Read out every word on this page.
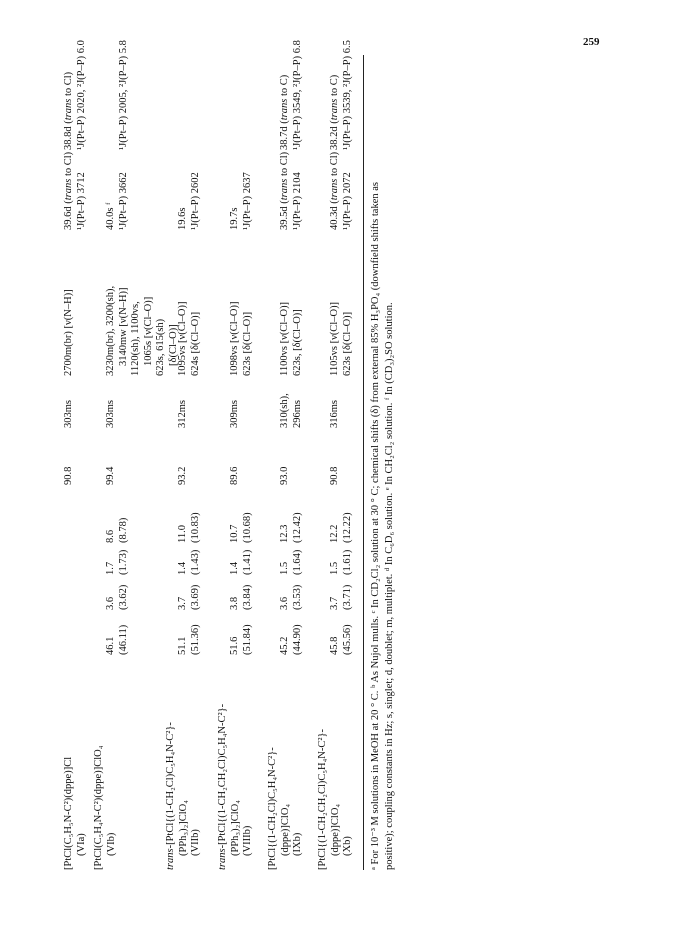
259
[PtCl(C₅H₅N-C²)(dppe)]Cl (VIa)
90.8
303ms
2700m(br) [ν(N–H)]
39.6d (trans to Cl)
¹J(Pt–P) 3712
38.8d (trans to Cl) ¹J(Pt–P) 2020, ²J(P–P) 6.0
[PtCl(C₅H₄N-C²)(dppe)]ClO₄ (VIb)
46.1
(46.11)
3.6
(3.62)
1.7
(1.73)
8.6
(8.78)
99.4
303ms
3230m(br), 3200(sh), 3140mw [ν(N–H)] 1120(sh), 1100vs, 1065s [ν(Cl–O)] 623s, 615(sh) [δ(Cl–O)]
40.0s ᶠ ¹J(Pt–P) 3662
¹J(Pt–P) 2005, ²J(P–P) 5.8
trans-[PtCl{(1-CH₂Cl)C₅H₄N-C²}- (PPh₃)₂]ClO₄ (VIIb)
51.1
(51.36)
3.7
(3.69)
1.4
(1.43)
11.0
(10.83)
93.2
312ms
1095vs [ν(Cl–O)] 624s [δ(Cl–O)]
19.6s ¹J(Pt–P) 2602
trans-[PtCl{(1-CH₂CH₂Cl)C₅H₄N-C²}- (PPh₃)₂]ClO₄ (VIIIb)
51.6
(51.84)
3.8
(3.84)
1.4
(1.41)
10.7
(10.68)
89.6
309ms
1098vs [ν(Cl–O)] 623s [δ(Cl–O)]
19.7s ¹J(Pt–P) 2637
[PtCl{(1-CH₂Cl)C₅H₄N-C²}- (dppe)]ClO₄ (IXb)
45.2
(44.90)
3.6
(3.53)
1.5
(1.64)
12.3
(12.42)
93.0
310(sh),
296ms
1100vs [ν(Cl–O)] 623s, [δ(Cl–O)]
39.5d (trans to Cl)
¹J(Pt–P) 2104
38.7d (trans to C) ¹J(Pt–P) 3549, ²J(P–P) 6.8
[PtCl{(1-CH₂CH₂Cl)C₅H₄N-C²}- (dppe)]ClO₄ (Xb)
45.8
(45.56)
3.7
(3.71)
1.5
(1.61)
12.2
(12.22)
90.8
316ms
1105vs [ν(Cl–O)] 623s [δ(Cl–O)]
40.3d (trans to Cl)
¹J(Pt–P) 2072
38.2d (trans to C) ¹J(Pt–P) 3539, ²J(P–P) 6.5
ᵃ For 10⁻³ M solutions in MeOH at 20 ° C. ᵇ As Nujol mulls. ᶜ In CD₂Cl₂ solution at 30 ° C; chemical shifts (δ) from external 85% H₃PO₄ (downfield shifts taken as positive); coupling constants in Hz; s, singlet; d, doublet; m, multiplet. ᵈ In C₆D₆ solution. ᵉ In CH₂Cl₂ solution. ᶠ In (CD₃)₂SO solution.
